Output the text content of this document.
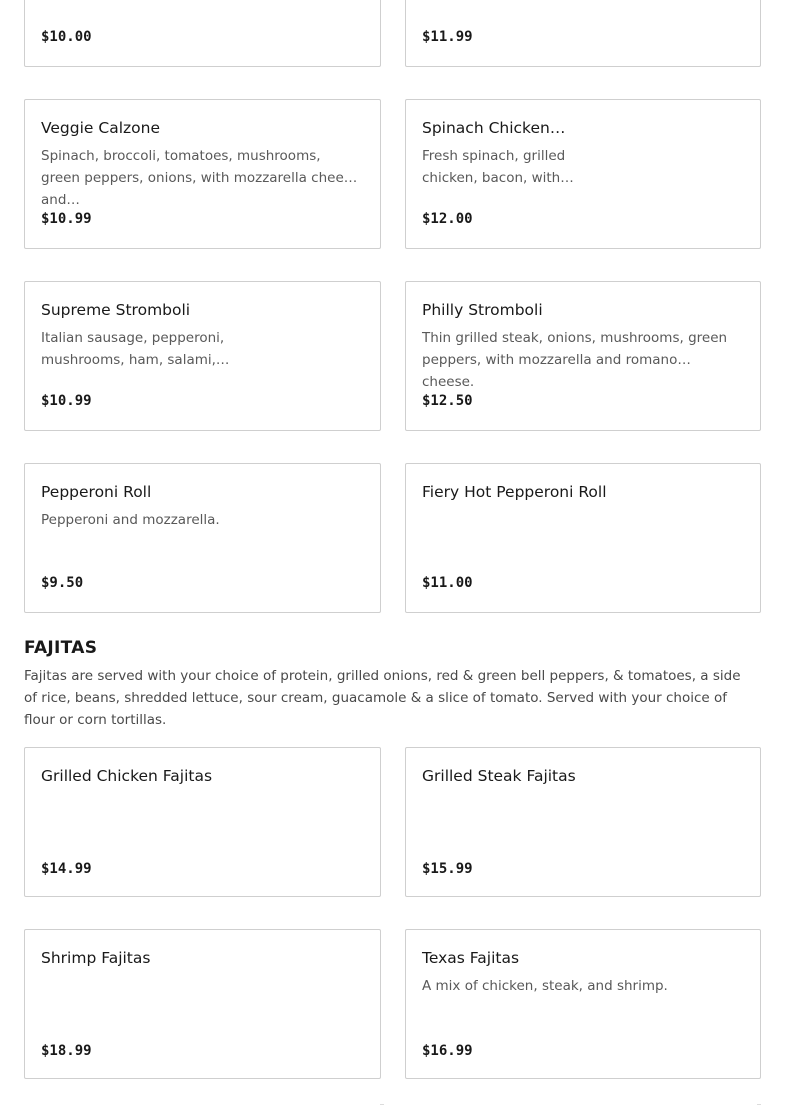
$10.00	$11.99
Veggie Calzone
Spinach, broccoli, tomatoes, mushrooms, green peppers, onions, with mozzarella cheese and…
$10.99
Spinach Chicken…
Fresh spinach, grilled chicken, bacon, with…
$12.00
Supreme Stromboli
Italian sausage, pepperoni, mushrooms, ham, salami,…
$10.99
Philly Stromboli
Thin grilled steak, onions, mushrooms, green peppers, with mozzarella and romano cheese.
$12.50
Pepperoni Roll
Pepperoni and mozzarella.
$9.50
Fiery Hot Pepperoni Roll
$11.00
FAJITAS
Fajitas are served with your choice of protein, grilled onions, red & green bell peppers, & tomatoes, a side of rice, beans, shredded lettuce, sour cream, guacamole & a slice of tomato. Served with your choice of flour or corn tortillas.
Grilled Chicken Fajitas
$14.99
Grilled Steak Fajitas
$15.99
Shrimp Fajitas
$18.99
Texas Fajitas
A mix of chicken, steak, and shrimp.
$16.99
